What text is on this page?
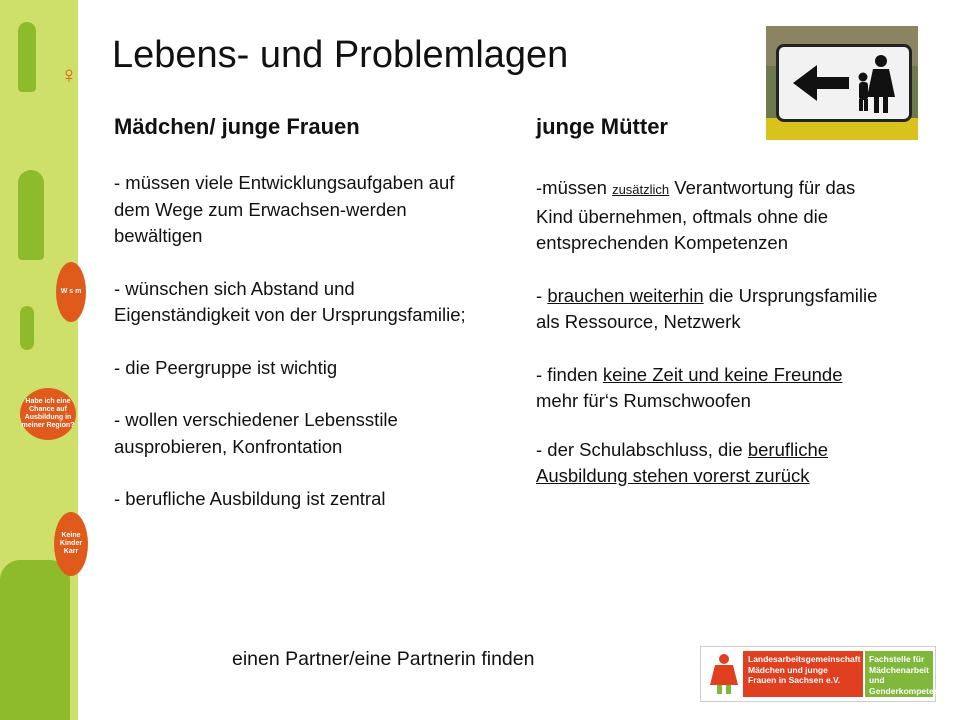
Habe ich eine Chance auf Ausbildung in meiner Region?
W s m
Keine Kinder Karr
♀ Lebens- und Problemlagen
Mädchen/ junge Frauen
- müssen viele Entwicklungsaufgaben auf dem Wege zum Erwachsen-werden bewältigen
- wünschen sich Abstand und Eigenständigkeit von der Ursprungsfamilie;
- die Peergruppe ist wichtig
- wollen verschiedener Lebensstile ausprobieren, Konfrontation
- berufliche Ausbildung ist zentral
junge Mütter
-müssen zusätzlich Verantwortung für das Kind übernehmen, oftmals ohne die entsprechenden Kompetenzen
- brauchen weiterhin die Ursprungsfamilie als Ressource, Netzwerk
- finden keine Zeit und keine Freunde mehr für‘s Rumschwoofen
- der Schulabschluss, die berufliche Ausbildung stehen vorerst zurück
einen Partner/eine Partnerin finden	Landesarbeitsgemeinschaft Mädchen und junge Frauen in Sachsen e.V.
Fachstelle für Mädchenarbeit und Genderkompetenz
